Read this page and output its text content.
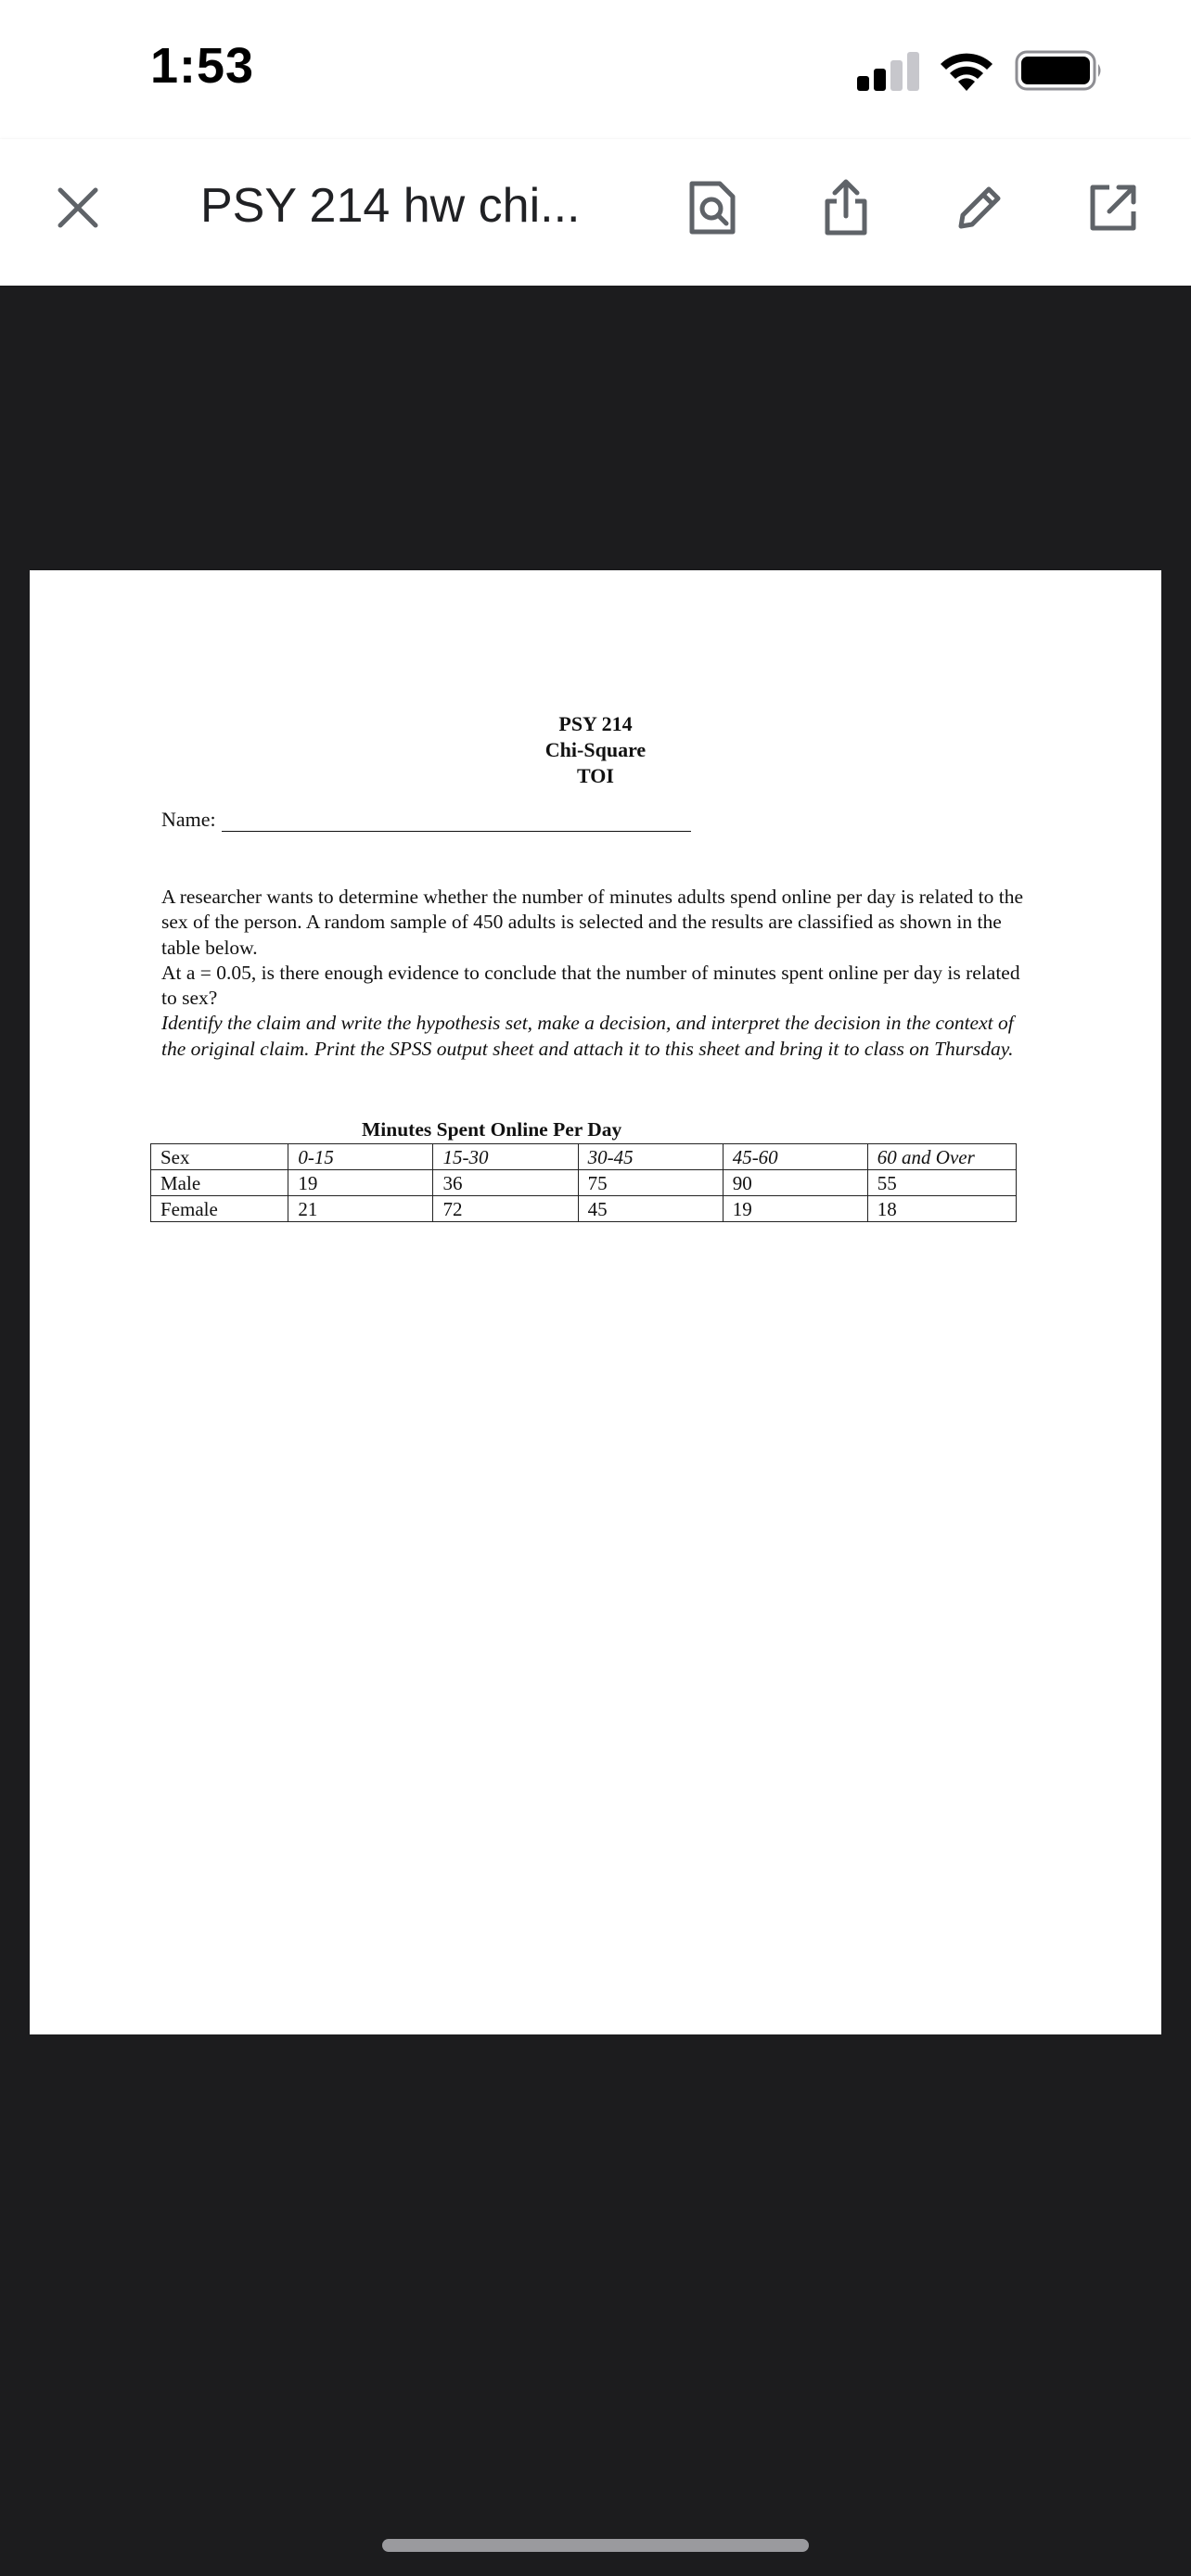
1:53
PSY 214 hw chi...
PSY 214
Chi-Square
TOI
Name:

A researcher wants to determine whether the number of minutes adults spend online per day is related to the sex of the person. A random sample of 450 adults is selected and the results are classified as shown in the table below.

At a = 0.05, is there enough evidence to conclude that the number of minutes spent online per day is related to sex?

Identify the claim and write the hypothesis set, make a decision, and interpret the decision in the context of the original claim. Print the SPSS output sheet and attach it to this sheet and bring it to class on Thursday.

Minutes Spent Online Per Day
Sex	0-15	15-30	30-45	45-60	60 and Over
Male	19	36	75	90	55
Female	21	72	45	19	18
